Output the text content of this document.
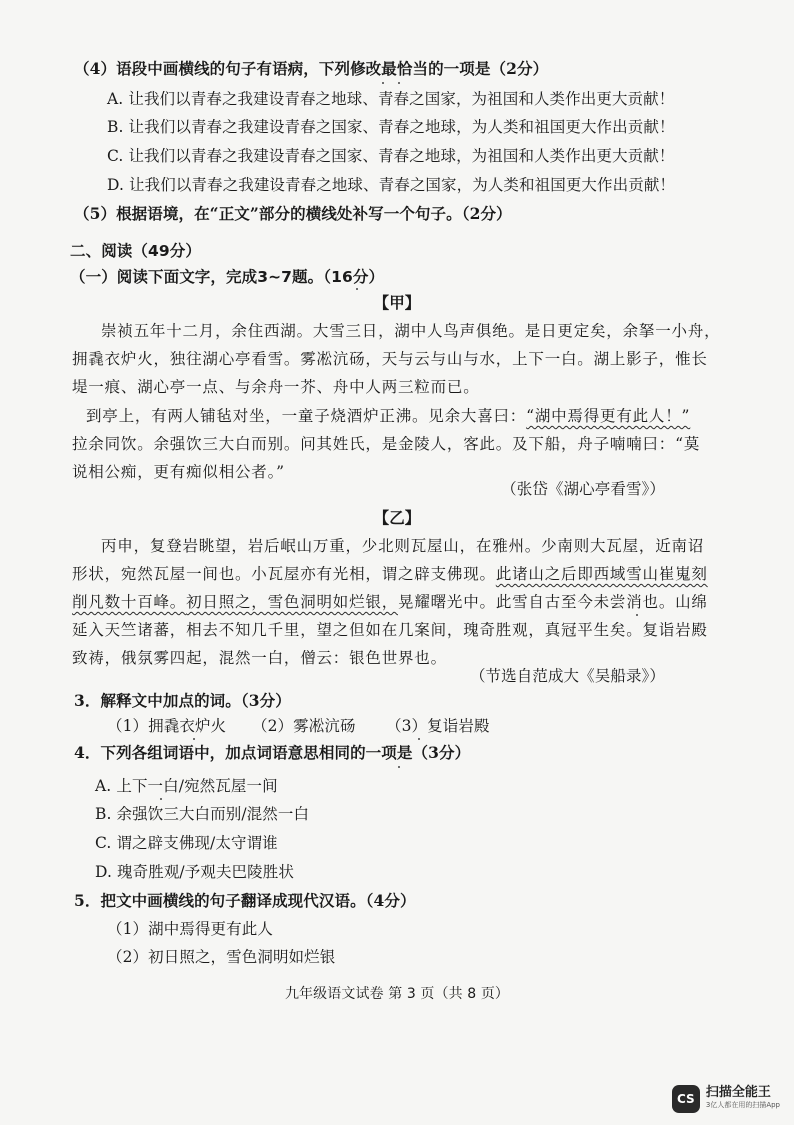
（4）语段中画横线的句子有语病，下列修改最恰当的一项是（2分）
A. 让我们以青春之我建设青春之地球、青春之国家，为祖国和人类作出更大贡献！
B. 让我们以青春之我建设青春之国家、青春之地球，为人类和祖国更大作出贡献！
C. 让我们以青春之我建设青春之国家、青春之地球，为祖国和人类作出更大贡献！
D. 让我们以青春之我建设青春之地球、青春之国家，为人类和祖国更大作出贡献！
（5）根据语境，在“正文”部分的横线处补写一个句子。（2分）
二、阅读（49分）
（一）阅读下面文字，完成3~7题。（16分）
【甲】
崇祯五年十二月，余住西湖。大雪三日，湖中人鸟声俱绝。是日更定矣，余拏一小舟，
拥毳衣炉火，独往湖心亭看雪。雾凇沆砀，天与云与山与水，上下一白。湖上影子，惟长
堤一痕、湖心亭一点、与余舟一芥、舟中人两三粒而已。
到亭上，有两人铺毡对坐，一童子烧酒炉正沸。见余大喜曰：“湖中焉得更有此人！”
拉余同饮。余强饮三大白而别。问其姓氏，是金陵人，客此。及下船，舟子喃喃曰：“莫
说相公痴，更有痴似相公者。”
（张岱《湖心亭看雪》）
【乙】
丙申，复登岩眺望，岩后岷山万重，少北则瓦屋山，在雅州。少南则大瓦屋，近南诏
形状，宛然瓦屋一间也。小瓦屋亦有光相，谓之辟支佛现。此诸山之后即西域雪山崔嵬刻
削凡数十百峰。初日照之，雪色洞明如烂银，晃耀曙光中。此雪自古至今未尝消也。山绵
延入天竺诸蕃，相去不知几千里，望之但如在几案间，瑰奇胜观，真冠平生矣。复诣岩殿
致祷，俄氛雾四起，混然一白，僧云：银色世界也。
（节选自范成大《吴船录》）
3．解释文中加点的词。（3分）
（1）拥毳衣炉火 （2）雾凇沆砀 （3）复诣岩殿
4．下列各组词语中，加点词语意思相同的一项是（3分）
A. 上下一白/宛然瓦屋一间
B. 余强饮三大白而别/混然一白
C. 谓之辟支佛现/太守谓谁
D. 瑰奇胜观/予观夫巴陵胜状
5．把文中画横线的句子翻译成现代汉语。（4分）
（1）湖中焉得更有此人
（2）初日照之，雪色洞明如烂银
九年级语文试卷 第 3 页（共 8 页）
CS 扫描全能王
3亿人都在用的扫描App
